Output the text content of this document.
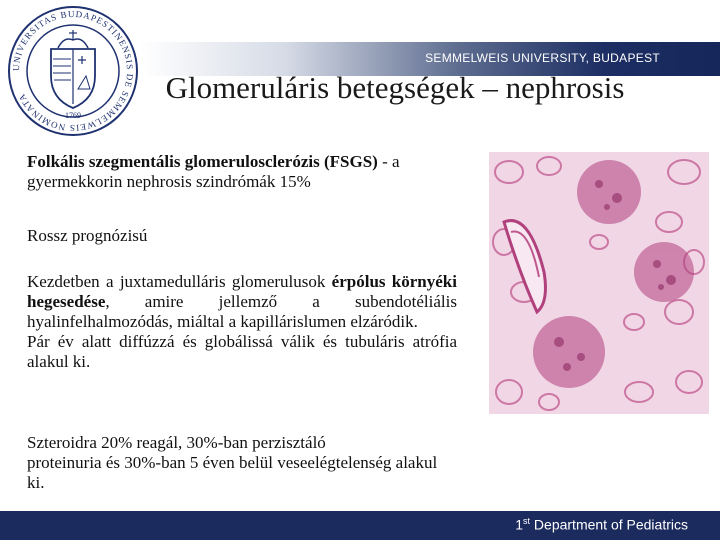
UNIVERSITAS BUDAPESTINENSIS DE SEMMELWEIS NOMINATA
1769
SEMMELWEIS UNIVERSITY, BUDAPEST
Glomeruláris betegségek – nephrosis
Folkális szegmentális glomerulosclerózis (FSGS) - a gyermekkorin nephrosis szindrómák 15%
Rossz prognózisú
Kezdetben a juxtamedulláris glomerulusok érpólus környéki hegesedése, amire jellemző a subendotéliális hyalinfelhalmozódás, miáltal a kapillárislumen elzáródik.
Pár év alatt diffúzzá és globálissá válik és tubuláris atrófia alakul ki.
Szteroidra 20% reagál, 30%-ban perzisztáló
proteinuria és 30%-ban 5 éven belül veseelégtelenség alakul ki.
1st Department of Pediatrics
